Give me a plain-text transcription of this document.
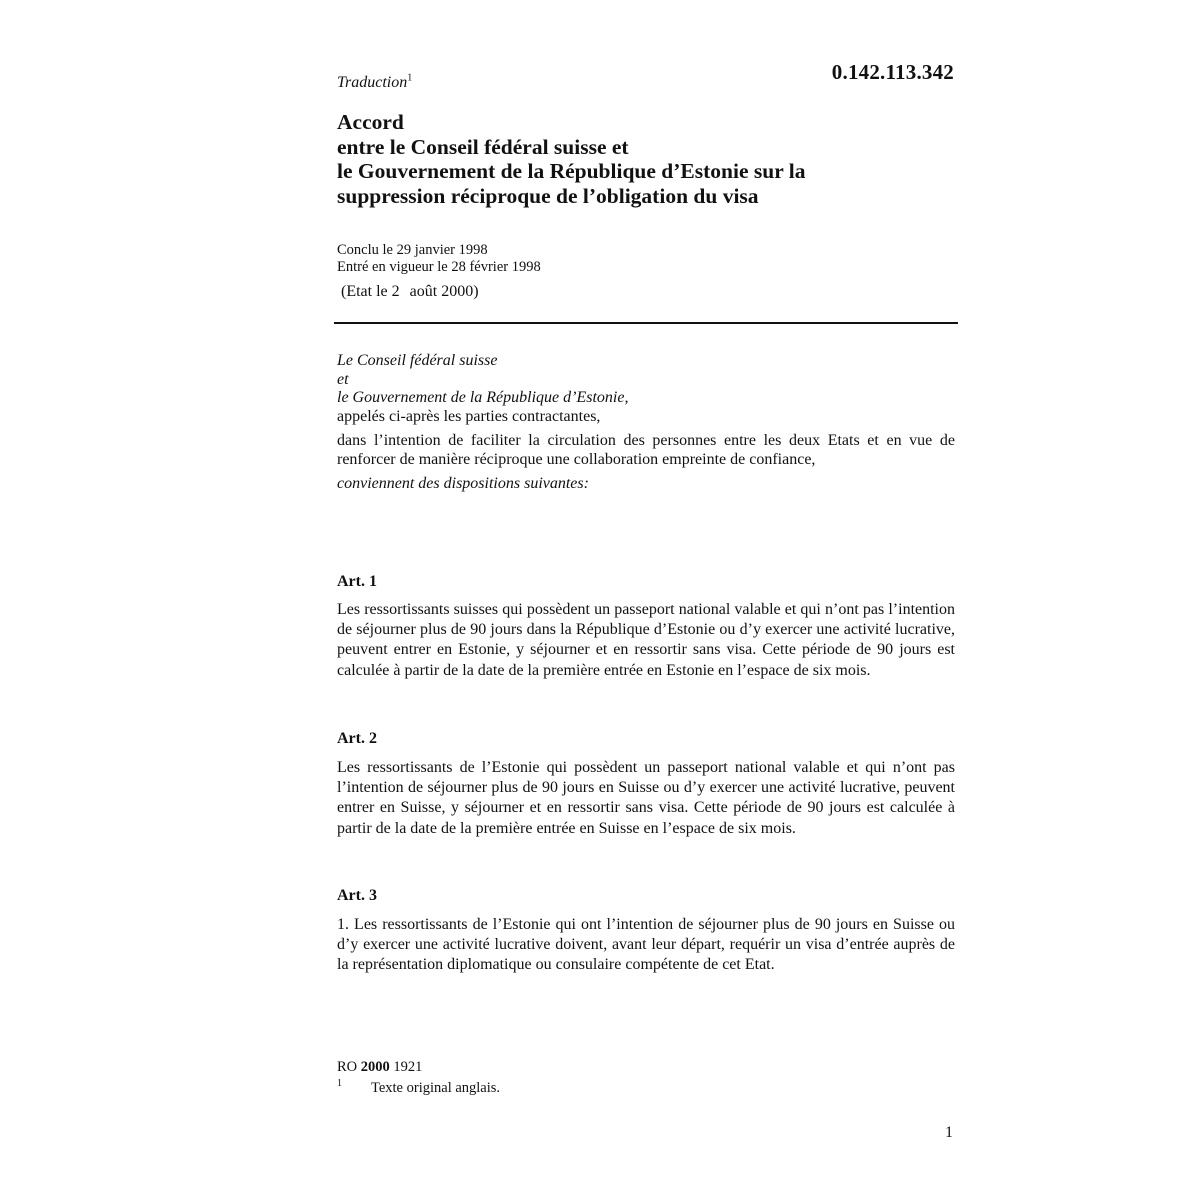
Traduction$^1$	0.142.113.342
Accord
entre le Conseil fédéral suisse et
le Gouvernement de la République d’Estonie sur la
suppression réciproque de l’obligation du visa
Conclu le 29 janvier 1998
Entré en vigueur le 28 février 1998
(Etat le 2 août 2000)
Le Conseil fédéral suisse
et
le Gouvernement de la République d’Estonie,
appelés ci-après les parties contractantes,
dans l’intention de faciliter la circulation des personnes entre les deux Etats et en vue de renforcer de manière réciproque une collaboration empreinte de confiance,
conviennent des dispositions suivantes:
Art. 1
Les ressortissants suisses qui possèdent un passeport national valable et qui n’ont pas l’intention de séjourner plus de 90 jours dans la République d’Estonie ou d’y exercer une activité lucrative, peuvent entrer en Estonie, y séjourner et en ressortir sans visa. Cette période de 90 jours est calculée à partir de la date de la première entrée en Estonie en l’espace de six mois.
Art. 2
Les ressortissants de l’Estonie qui possèdent un passeport national valable et qui n’ont pas l’intention de séjourner plus de 90 jours en Suisse ou d’y exercer une activité lucrative, peuvent entrer en Suisse, y séjourner et en ressortir sans visa. Cette période de 90 jours est calculée à partir de la date de la première entrée en Suisse en l’espace de six mois.
Art. 3
1. Les ressortissants de l’Estonie qui ont l’intention de séjourner plus de 90 jours en Suisse ou d’y exercer une activité lucrative doivent, avant leur départ, requérir un visa d’entrée auprès de la représentation diplomatique ou consulaire compétente de cet Etat.
RO 2000 1921
1 Texte original anglais.
1
